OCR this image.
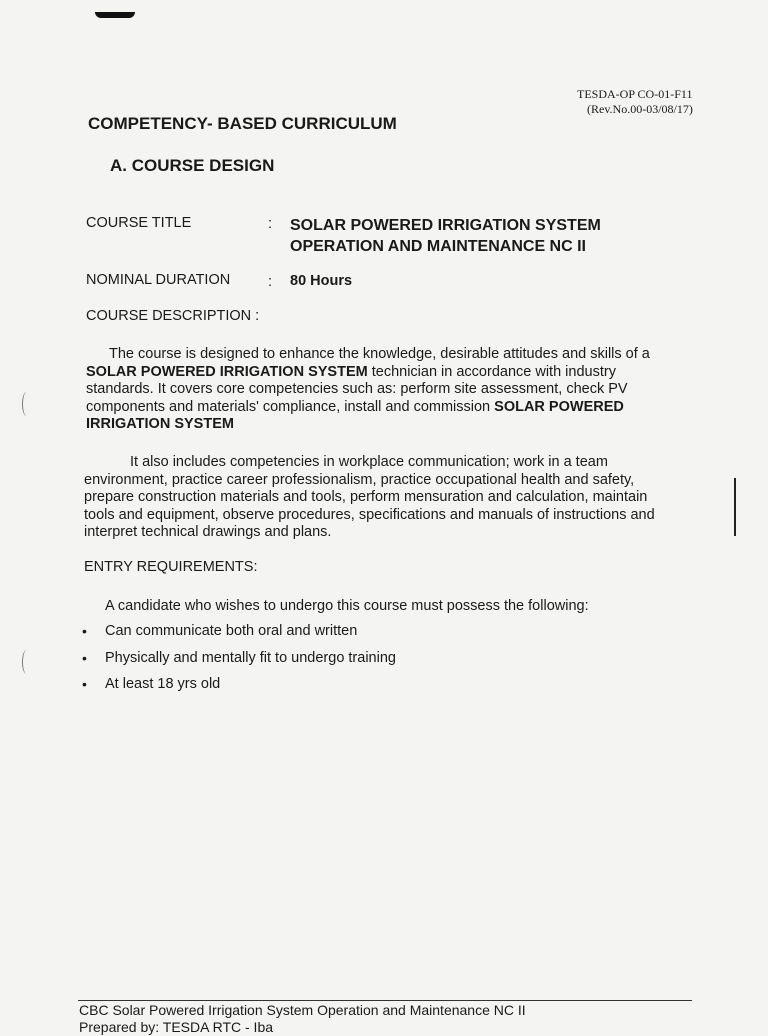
TESDA-OP CO-01-F11
(Rev.No.00-03/08/17)
COMPETENCY- BASED CURRICULUM
A. COURSE DESIGN
COURSE TITLE	: SOLAR POWERED IRRIGATION SYSTEM
OPERATION AND MAINTENANCE NC II
NOMINAL DURATION	: 80 Hours
COURSE DESCRIPTION :
The course is designed to enhance the knowledge, desirable attitudes and skills of a
SOLAR POWERED IRRIGATION SYSTEM technician in accordance with industry
standards. It covers core competencies such as: perform site assessment, check PV
components and materials' compliance, install and commission SOLAR POWERED
IRRIGATION SYSTEM
It also includes competencies in workplace communication; work in a team
environment, practice career professionalism, practice occupational health and safety,
prepare construction materials and tools, perform mensuration and calculation, maintain
tools and equipment, observe procedures, specifications and manuals of instructions and
interpret technical drawings and plans.
ENTRY REQUIREMENTS:
A candidate who wishes to undergo this course must possess the following:
• Can communicate both oral and written
• Physically and mentally fit to undergo training
• At least 18 yrs old
CBC Solar Powered Irrigation System Operation and Maintenance NC II
Prepared by: TESDA RTC - Iba
